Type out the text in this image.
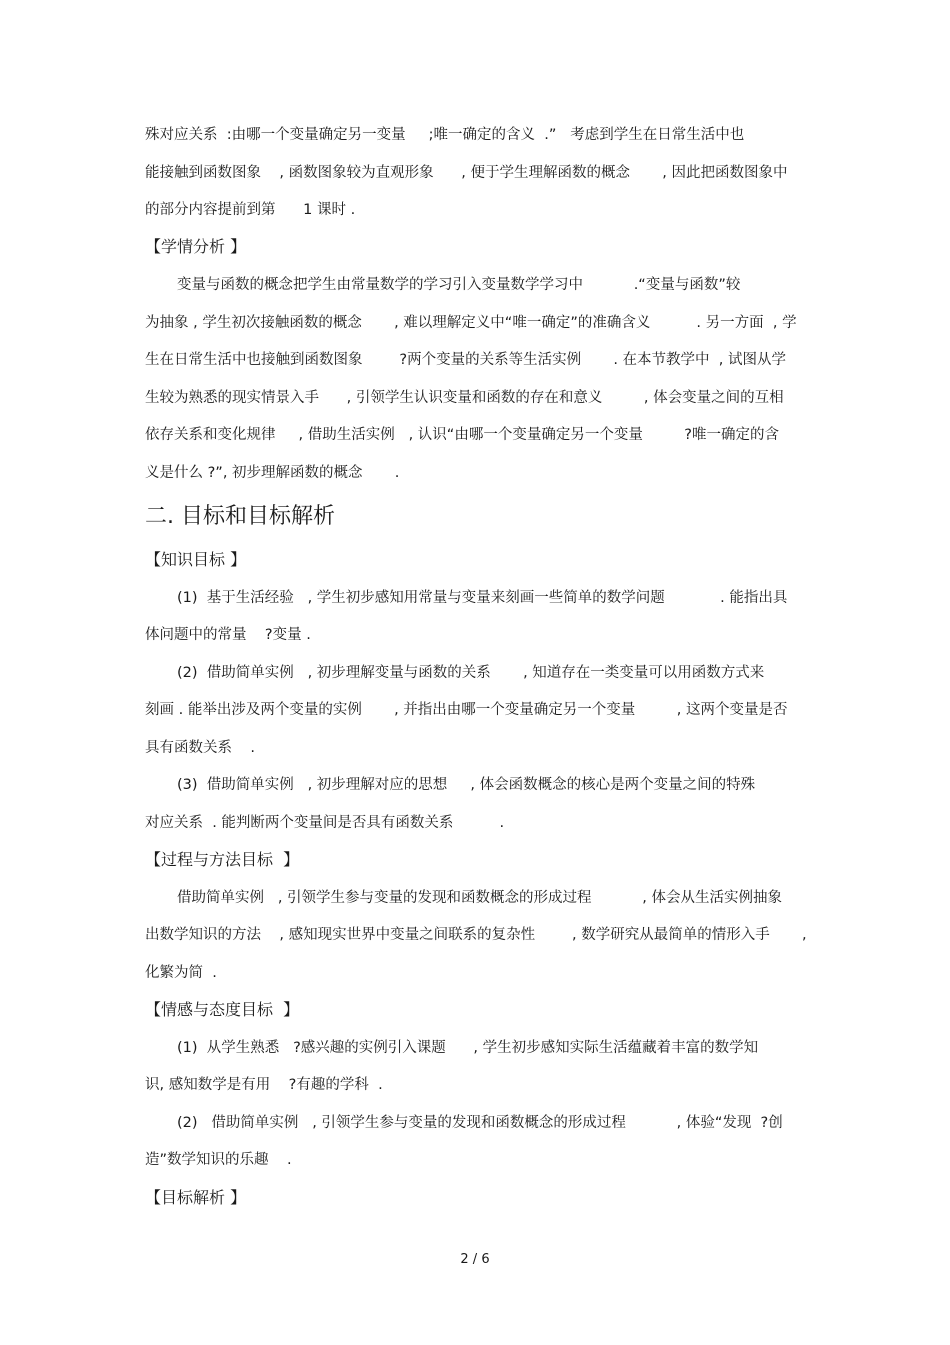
殊对应关系  :由哪一个变量确定另一变量     ;唯一确定的含义  .”   考虑到学生在日常生活中也
能接触到函数图象    , 函数图象较为直观形象      , 便于学生理解函数的概念       , 因此把函数图象中
的部分内容提前到第      1 课时 .
【学情分析 】
变量与函数的概念把学生由常量数学的学习引入变量数学学习中           .“变量与函数”较
为抽象 , 学生初次接触函数的概念       , 难以理解定义中“唯一确定”的准确含义          . 另一方面  , 学
生在日常生活中也接触到函数图象        ?两个变量的关系等生活实例       . 在本节教学中  , 试图从学
生较为熟悉的现实情景入手      , 引领学生认识变量和函数的存在和意义         , 体会变量之间的互相
依存关系和变化规律     , 借助生活实例   , 认识“由哪一个变量确定另一个变量         ?唯一确定的含
义是什么 ?”, 初步理解函数的概念       .
二. 目标和目标解析
【知识目标 】
(1)  基于生活经验   , 学生初步感知用常量与变量来刻画一些简单的数学问题            . 能指出具
体问题中的常量    ?变量 .
(2)  借助简单实例   , 初步理解变量与函数的关系       , 知道存在一类变量可以用函数方式来
刻画 . 能举出涉及两个变量的实例       , 并指出由哪一个变量确定另一个变量         , 这两个变量是否
具有函数关系    .
(3)  借助简单实例   , 初步理解对应的思想     , 体会函数概念的核心是两个变量之间的特殊
对应关系  . 能判断两个变量间是否具有函数关系          .
【过程与方法目标  】
借助简单实例   , 引领学生参与变量的发现和函数概念的形成过程           , 体会从生活实例抽象
出数学知识的方法    , 感知现实世界中变量之间联系的复杂性        , 数学研究从最简单的情形入手       ,
化繁为简  .
【情感与态度目标  】
(1)  从学生熟悉   ?感兴趣的实例引入课题      , 学生初步感知实际生活蕴藏着丰富的数学知
识, 感知数学是有用    ?有趣的学科  .
(2)   借助简单实例   , 引领学生参与变量的发现和函数概念的形成过程           , 体验“发现  ?创
造”数学知识的乐趣    .
【目标解析 】
2 / 6
